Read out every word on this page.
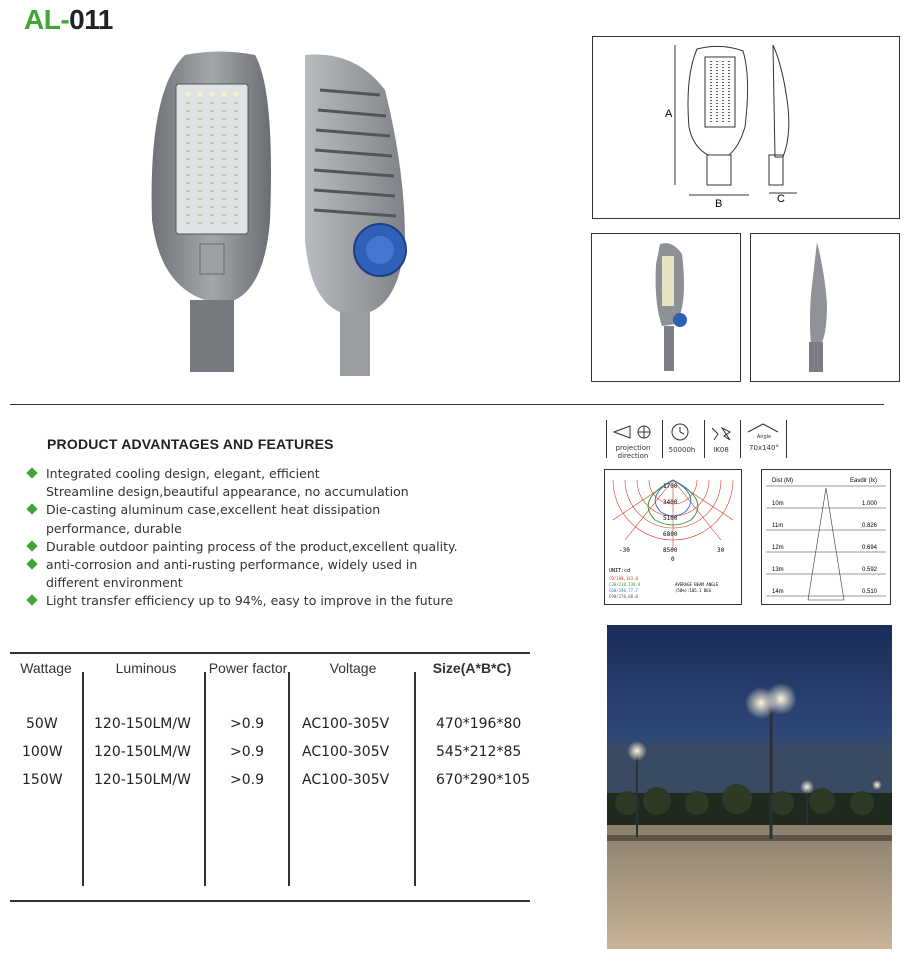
AL-011
A
B	C
PRODUCT ADVANTAGES AND FEATURES
Integrated cooling design, elegant, efficient
Streamline design,beautiful appearance, no accumulation
Die-casting aluminum case,excellent heat dissipation performance, durable
Durable outdoor painting process of the product,excellent quality.
anti-corrosion and anti-rusting performance, widely used in different environment
Light transfer efficiency up to 94%, easy to improve in the future
projection direction
50000h	IK08
Angle
70x140°
1700
3400
5100
6800
8500
-30	30
0
UNIT:cd
C0/180,143.8
C30/210,130.9
C60/240,77.7
C90/270,68.0
AVERAGE BEAM ANGLE
(50%):105.1 DEG
Dist (M)	Eavdir (lx)
10m	1.000
11m	0.826
12m	0.694
13m	0.592
14m	0.510
Wattage	Luminous	Power factor	Voltage	Size(A*B*C)
50W	120-150LM/W	>0.9	AC100-305V	470*196*80
100W 120-150LM/W	>0.9	AC100-305V	545*212*85
150W 120-150LM/W	>0.9	AC100-305V	670*290*105
